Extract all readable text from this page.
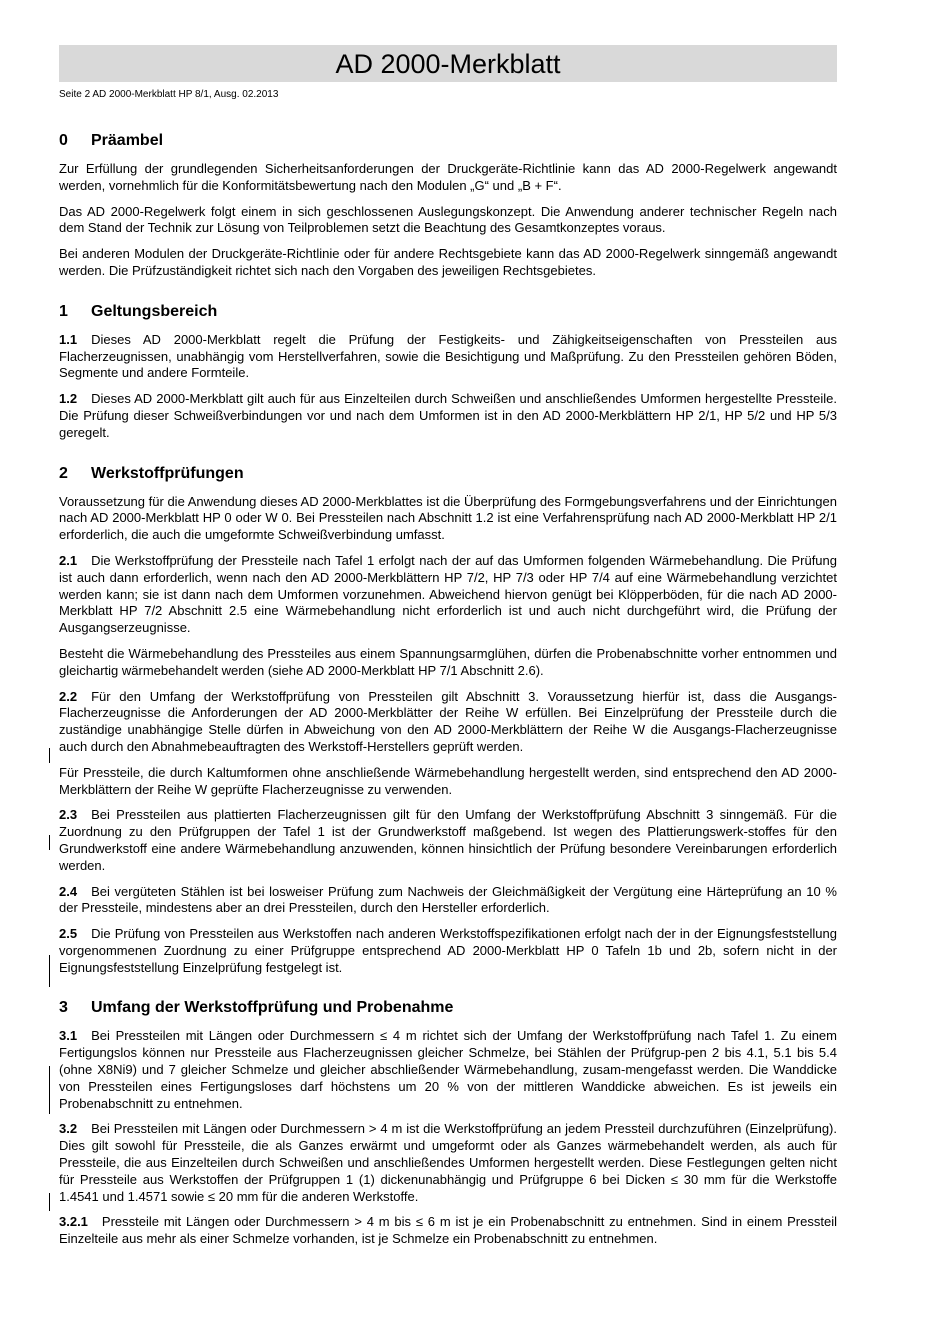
AD 2000-Merkblatt
Seite 2 AD 2000-Merkblatt HP 8/1, Ausg. 02.2013
0 Präambel

Zur Erfüllung der grundlegenden Sicherheitsanforderungen der Druckgeräte-Richtlinie kann das AD 2000-Regelwerk angewandt werden, vornehmlich für die Konformitätsbewertung nach den Modulen „G“ und „B + F“.

Das AD 2000-Regelwerk folgt einem in sich geschlossenen Auslegungskonzept. Die Anwendung anderer technischer Regeln nach dem Stand der Technik zur Lösung von Teilproblemen setzt die Beachtung des Gesamtkonzeptes voraus.

Bei anderen Modulen der Druckgeräte-Richtlinie oder für andere Rechtsgebiete kann das AD 2000-Regelwerk sinngemäß angewandt werden. Die Prüfzuständigkeit richtet sich nach den Vorgaben des jeweiligen Rechtsgebietes.

1 Geltungsbereich

1.1 Dieses AD 2000-Merkblatt regelt die Prüfung der Festigkeits- und Zähigkeitseigenschaften von Pressteilen aus Flacherzeugnissen, unabhängig vom Herstellverfahren, sowie die Besichtigung und Maßprüfung. Zu den Pressteilen gehören Böden, Segmente und andere Formteile.

1.2 Dieses AD 2000-Merkblatt gilt auch für aus Einzelteilen durch Schweißen und anschließendes Umformen hergestellte Pressteile. Die Prüfung dieser Schweißverbindungen vor und nach dem Umformen ist in den AD 2000-Merkblättern HP 2/1, HP 5/2 und HP 5/3 geregelt.

2 Werkstoffprüfungen

Voraussetzung für die Anwendung dieses AD 2000-Merkblattes ist die Überprüfung des Formgebungsverfahrens und der Einrichtungen nach AD 2000-Merkblatt HP 0 oder W 0. Bei Pressteilen nach Abschnitt 1.2 ist eine Verfahrensprüfung nach AD 2000-Merkblatt HP 2/1 erforderlich, die auch die umgeformte Schweißverbindung umfasst.

2.1 Die Werkstoffprüfung der Pressteile nach Tafel 1 erfolgt nach der auf das Umformen folgenden Wärmebehandlung. Die Prüfung ist auch dann erforderlich, wenn nach den AD 2000-Merkblättern HP 7/2, HP 7/3 oder HP 7/4 auf eine Wärmebehandlung verzichtet werden kann; sie ist dann nach dem Umformen vorzunehmen. Abweichend hiervon genügt bei Klöpperböden, für die nach AD 2000-Merkblatt HP 7/2 Abschnitt 2.5 eine Wärmebehandlung nicht erforderlich ist und auch nicht durchgeführt wird, die Prüfung der Ausgangserzeugnisse.

Besteht die Wärmebehandlung des Pressteiles aus einem Spannungsarmglühen, dürfen die Probenabschnitte vorher entnommen und gleichartig wärmebehandelt werden (siehe AD 2000-Merkblatt HP 7/1 Abschnitt 2.6).

2.2 Für den Umfang der Werkstoffprüfung von Pressteilen gilt Abschnitt 3. Voraussetzung hierfür ist, dass die Ausgangs-Flacherzeugnisse die Anforderungen der AD 2000-Merkblätter der Reihe W erfüllen. Bei Einzelprüfung der Pressteile durch die zuständige unabhängige Stelle dürfen in Abweichung von den AD 2000-Merkblättern der Reihe W die Ausgangs-Flacherzeugnisse auch durch den Abnahmebeauftragten des Werkstoff-Herstellers geprüft werden.

Für Pressteile, die durch Kaltumformen ohne anschließende Wärmebehandlung hergestellt werden, sind entsprechend den AD 2000-Merkblättern der Reihe W geprüfte Flacherzeugnisse zu verwenden.

2.3 Bei Pressteilen aus plattierten Flacherzeugnissen gilt für den Umfang der Werkstoffprüfung Abschnitt 3 sinngemäß. Für die Zuordnung zu den Prüfgruppen der Tafel 1 ist der Grundwerkstoff maßgebend. Ist wegen des Plattierungswerk-stoffes für den Grundwerkstoff eine andere Wärmebehandlung anzuwenden, können hinsichtlich der Prüfung besondere Vereinbarungen erforderlich werden.

2.4 Bei vergüteten Stählen ist bei losweiser Prüfung zum Nachweis der Gleichmäßigkeit der Vergütung eine Härteprüfung an 10 % der Pressteile, mindestens aber an drei Pressteilen, durch den Hersteller erforderlich.

2.5 Die Prüfung von Pressteilen aus Werkstoffen nach anderen Werkstoffspezifikationen erfolgt nach der in der Eignungsfeststellung vorgenommenen Zuordnung zu einer Prüfgruppe entsprechend AD 2000-Merkblatt HP 0 Tafeln 1b und 2b, sofern nicht in der Eignungsfeststellung Einzelprüfung festgelegt ist.

3 Umfang der Werkstoffprüfung und Probenahme

3.1 Bei Pressteilen mit Längen oder Durchmessern ≤ 4 m richtet sich der Umfang der Werkstoffprüfung nach Tafel 1. Zu einem Fertigungslos können nur Pressteile aus Flacherzeugnissen gleicher Schmelze, bei Stählen der Prüfgrup-pen 2 bis 4.1, 5.1 bis 5.4 (ohne X8Ni9) und 7 gleicher Schmelze und gleicher abschließender Wärmebehandlung, zusam-mengefasst werden. Die Wanddicke von Pressteilen eines Fertigungsloses darf höchstens um 20 % von der mittleren Wanddicke abweichen. Es ist jeweils ein Probenabschnitt zu entnehmen.

3.2 Bei Pressteilen mit Längen oder Durchmessern > 4 m ist die Werkstoffprüfung an jedem Pressteil durchzuführen (Einzelprüfung). Dies gilt sowohl für Pressteile, die als Ganzes erwärmt und umgeformt oder als Ganzes wärmebehandelt werden, als auch für Pressteile, die aus Einzelteilen durch Schweißen und anschließendes Umformen hergestellt werden. Diese Festlegungen gelten nicht für Pressteile aus Werkstoffen der Prüfgruppen 1 (1) dickenunabhängig und Prüfgruppe 6 bei Dicken ≤ 30 mm für die Werkstoffe 1.4541 und 1.4571 sowie ≤ 20 mm für die anderen Werkstoffe.

3.2.1 Pressteile mit Längen oder Durchmessern > 4 m bis ≤ 6 m ist je ein Probenabschnitt zu entnehmen. Sind in einem Pressteil Einzelteile aus mehr als einer Schmelze vorhanden, ist je Schmelze ein Probenabschnitt zu entnehmen.
